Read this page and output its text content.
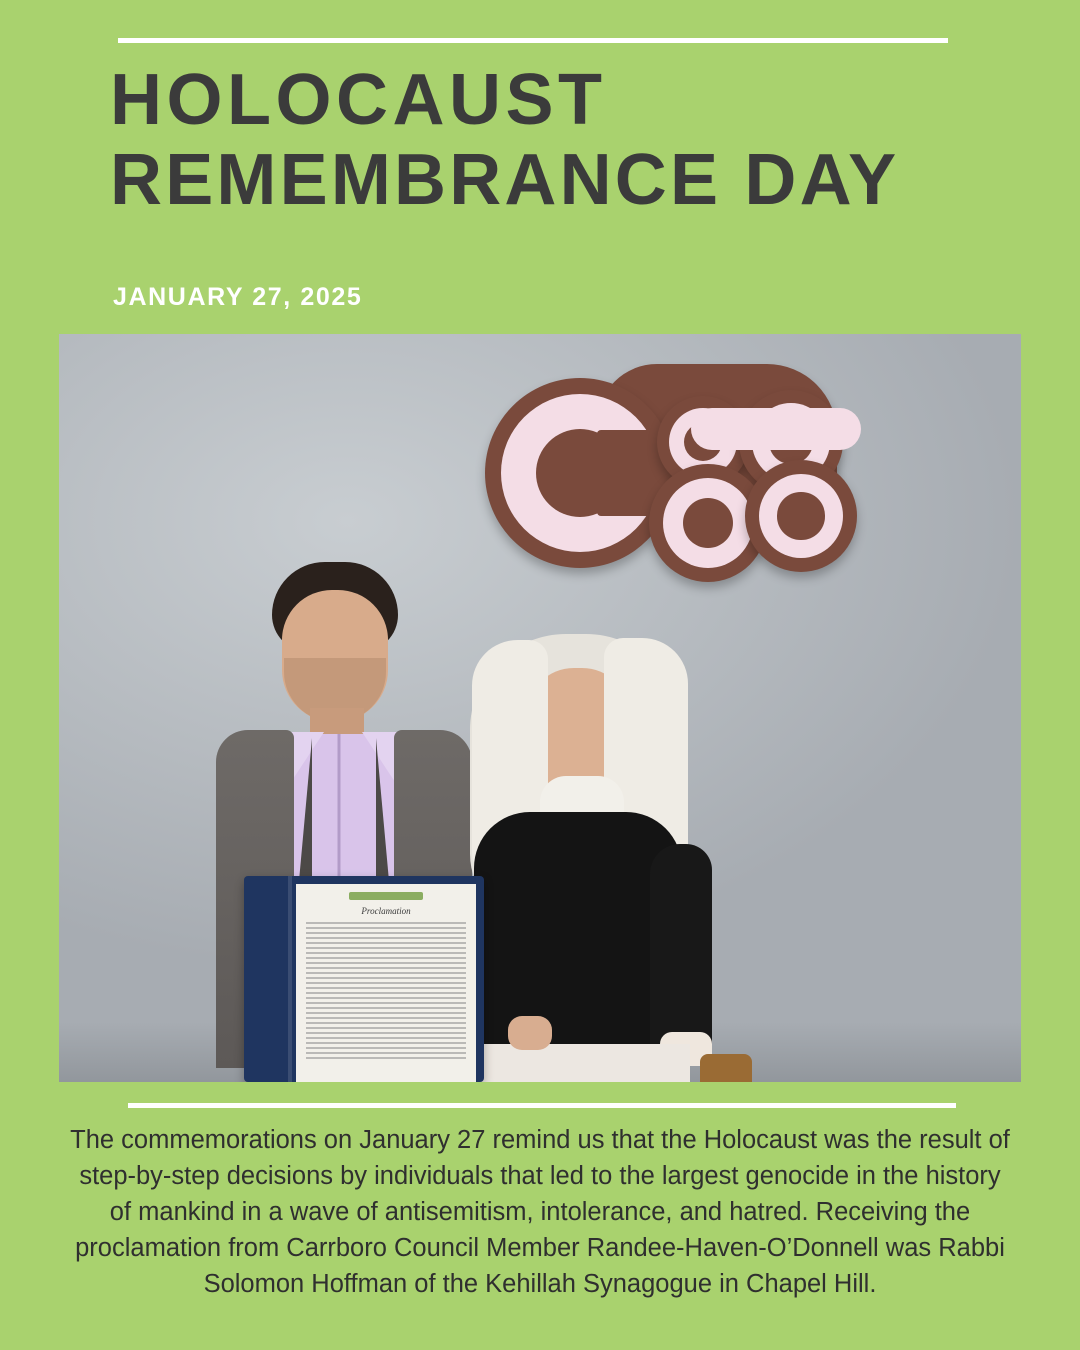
HOLOCAUST
REMEMBRANCE DAY
JANUARY 27, 2025
Proclamation
The commemorations on January 27 remind us that the Holocaust was the result of step-by-step decisions by individuals that led to the largest genocide in the history of mankind in a wave of antisemitism, intolerance, and hatred. Receiving the proclamation from Carrboro Council Member Randee-Haven-O’Donnell was Rabbi Solomon Hoffman of the Kehillah Synagogue in Chapel Hill.
